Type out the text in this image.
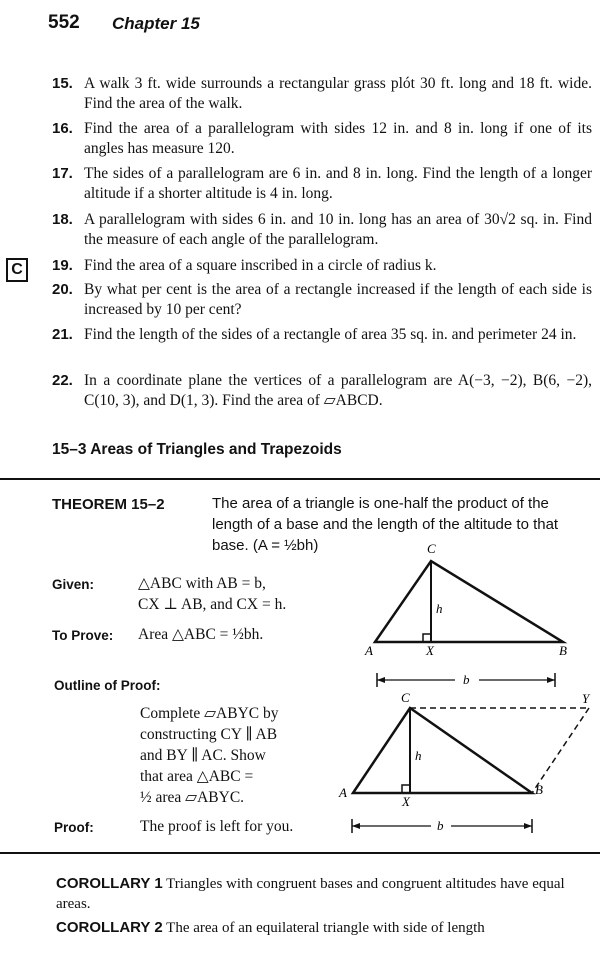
552 Chapter 15
15. A walk 3 ft. wide surrounds a rectangular grass plót 30 ft. long and 18 ft. wide. Find the area of the walk.
16. Find the area of a parallelogram with sides 12 in. and 8 in. long if one of its angles has measure 120.
17. The sides of a parallelogram are 6 in. and 8 in. long. Find the length of a longer altitude if a shorter altitude is 4 in. long.
18. A parallelogram with sides 6 in. and 10 in. long has an area of 30√2 sq. in. Find the measure of each angle of the parallelogram.
19. Find the area of a square inscribed in a circle of radius k.
20. By what per cent is the area of a rectangle increased if the length of each side is increased by 10 per cent?
21. Find the length of the sides of a rectangle of area 35 sq. in. and perimeter 24 in.
22. In a coordinate plane the vertices of a parallelogram are A(−3, −2), B(6, −2), C(10, 3), and D(1, 3). Find the area of ▱ABCD.
C
15–3 Areas of Triangles and Trapezoids
THEOREM 15–2	The area of a triangle is one-half the product of the length of a base and the length of the altitude to that base. (A = ½bh)
Given:	△ABC with AB = b,
CX ⊥ AB, and CX = h.
To Prove: Area △ABC = ½bh.
Outline of Proof:
Complete ▱ABYC by
constructing CY ∥ AB
and BY ∥ AC. Show
that area △ABC =
½ area ▱ABYC.
Proof:	The proof is left for you.
C
A	X	B
h
b
C	Y
A
X
B
h
b
COROLLARY 1 Triangles with congruent bases and congruent altitudes have equal areas.
COROLLARY 2 The area of an equilateral triangle with side of length
